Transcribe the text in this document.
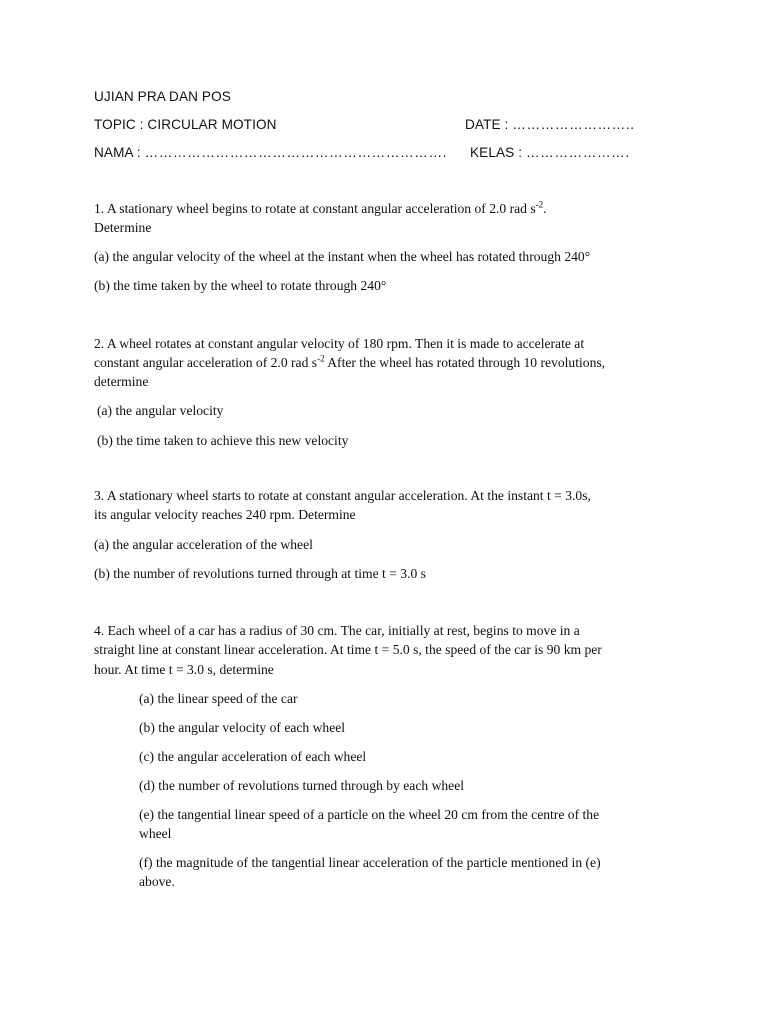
UJIAN PRA DAN POS
TOPIC : CIRCULAR MOTION	DATE : ……………………..
NAMA : ………………………………………………………. KELAS : ………………….
1. A stationary wheel begins to rotate at constant angular acceleration of 2.0 rad $s^{-2}$.
Determine
(a) the angular velocity of the wheel at the instant when the wheel has rotated through 240°
(b) the time taken by the wheel to rotate through 240°
2. A wheel rotates at constant angular velocity of 180 rpm. Then it is made to accelerate at
constant angular acceleration of 2.0 rad $s^{-2}$ After the wheel has rotated through 10 revolutions,
determine
(a) the angular velocity
(b) the time taken to achieve this new velocity
3. A stationary wheel starts to rotate at constant angular acceleration. At the instant t = 3.0s,
its angular velocity reaches 240 rpm. Determine
(a) the angular acceleration of the wheel
(b) the number of revolutions turned through at time t = 3.0 s
4. Each wheel of a car has a radius of 30 cm. The car, initially at rest, begins to move in a
straight line at constant linear acceleration. At time t = 5.0 s, the speed of the car is 90 km per
hour. At time t = 3.0 s, determine
(a) the linear speed of the car
(b) the angular velocity of each wheel
(c) the angular acceleration of each wheel
(d) the number of revolutions turned through by each wheel
(e) the tangential linear speed of a particle on the wheel 20 cm from the centre of the
wheel
(f) the magnitude of the tangential linear acceleration of the particle mentioned in (e)
above.
